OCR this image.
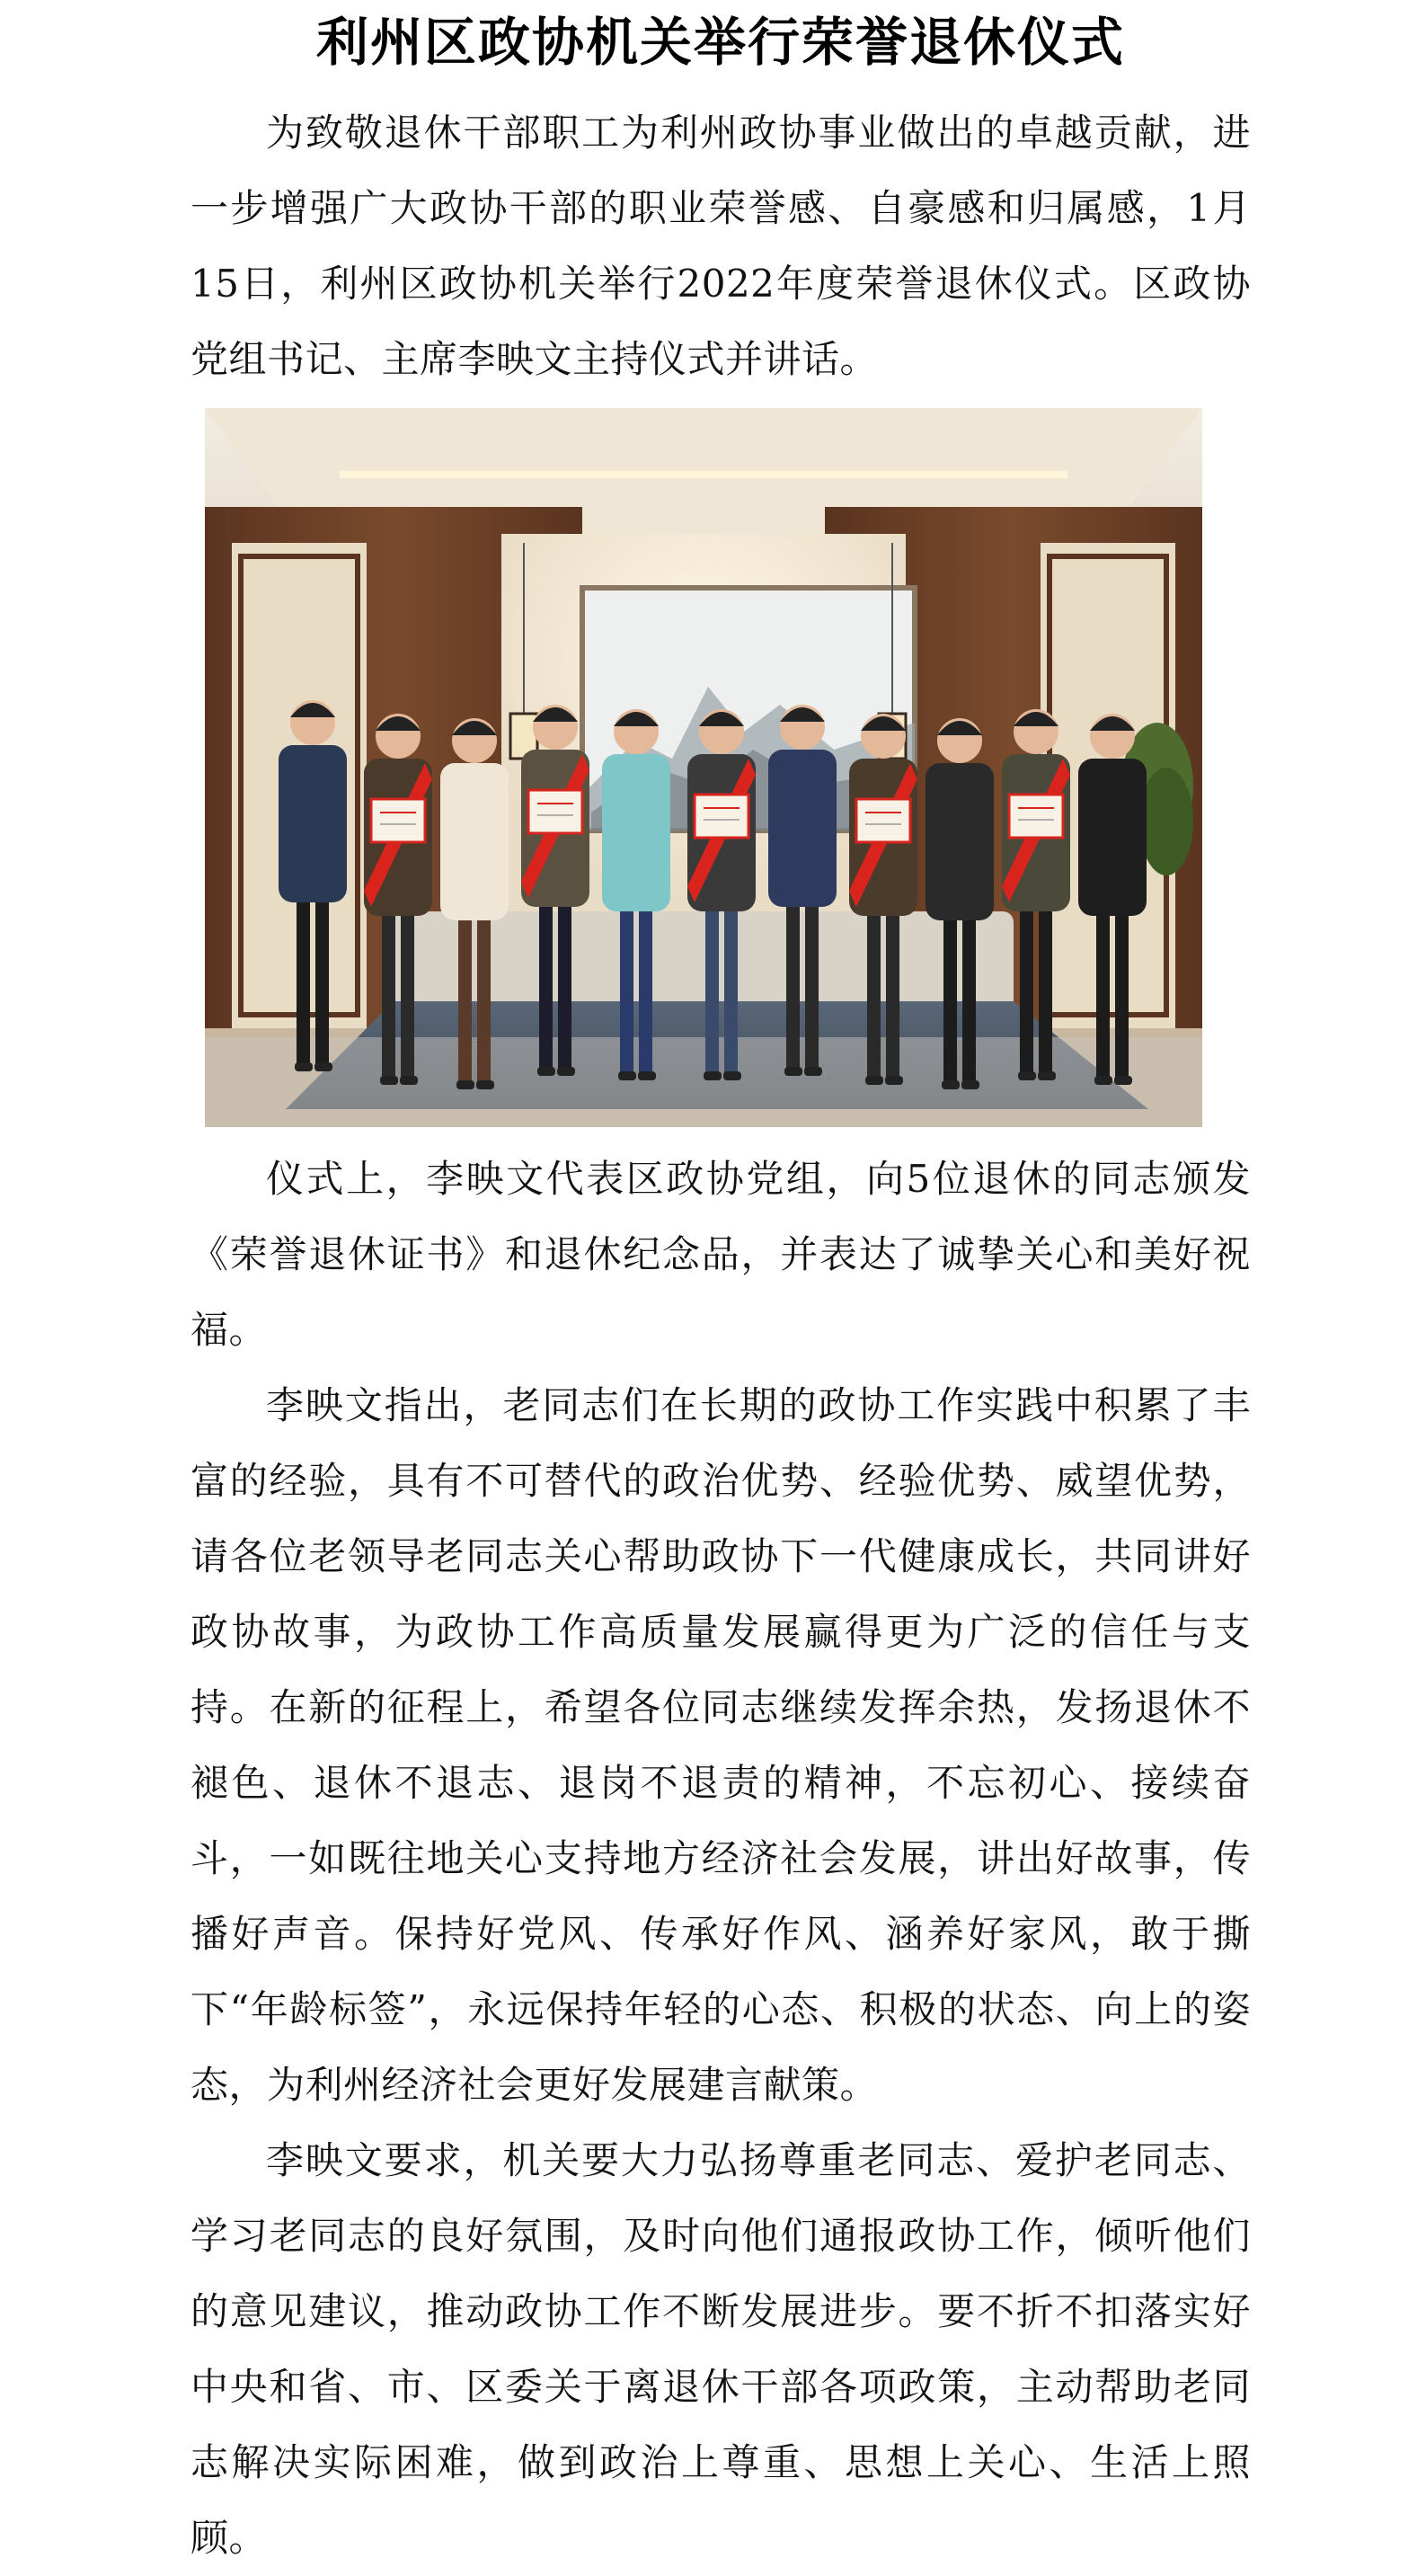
利州区政协机关举行荣誉退休仪式

为致敬退休干部职工为利州政协事业做出的卓越贡献，进一步增强广大政协干部的职业荣誉感、自豪感和归属感，1月15日，利州区政协机关举行2022年度荣誉退休仪式。区政协党组书记、主席李映文主持仪式并讲话。

仪式上，李映文代表区政协党组，向5位退休的同志颁发《荣誉退休证书》和退休纪念品，并表达了诚挚关心和美好祝福。

李映文指出，老同志们在长期的政协工作实践中积累了丰富的经验，具有不可替代的政治优势、经验优势、威望优势，请各位老领导老同志关心帮助政协下一代健康成长，共同讲好政协故事，为政协工作高质量发展赢得更为广泛的信任与支持。在新的征程上，希望各位同志继续发挥余热，发扬退休不褪色、退休不退志、退岗不退责的精神，不忘初心、接续奋斗，一如既往地关心支持地方经济社会发展，讲出好故事，传播好声音。保持好党风、传承好作风、涵养好家风，敢于撕下“年龄标签”，永远保持年轻的心态、积极的状态、向上的姿态，为利州经济社会更好发展建言献策。

李映文要求，机关要大力弘扬尊重老同志、爱护老同志、学习老同志的良好氛围，及时向他们通报政协工作，倾听他们的意见建议，推动政协工作不断发展进步。要不折不扣落实好中央和省、市、区委关于离退休干部各项政策，主动帮助老同志解决实际困难，做到政治上尊重、思想上关心、生活上照顾。
